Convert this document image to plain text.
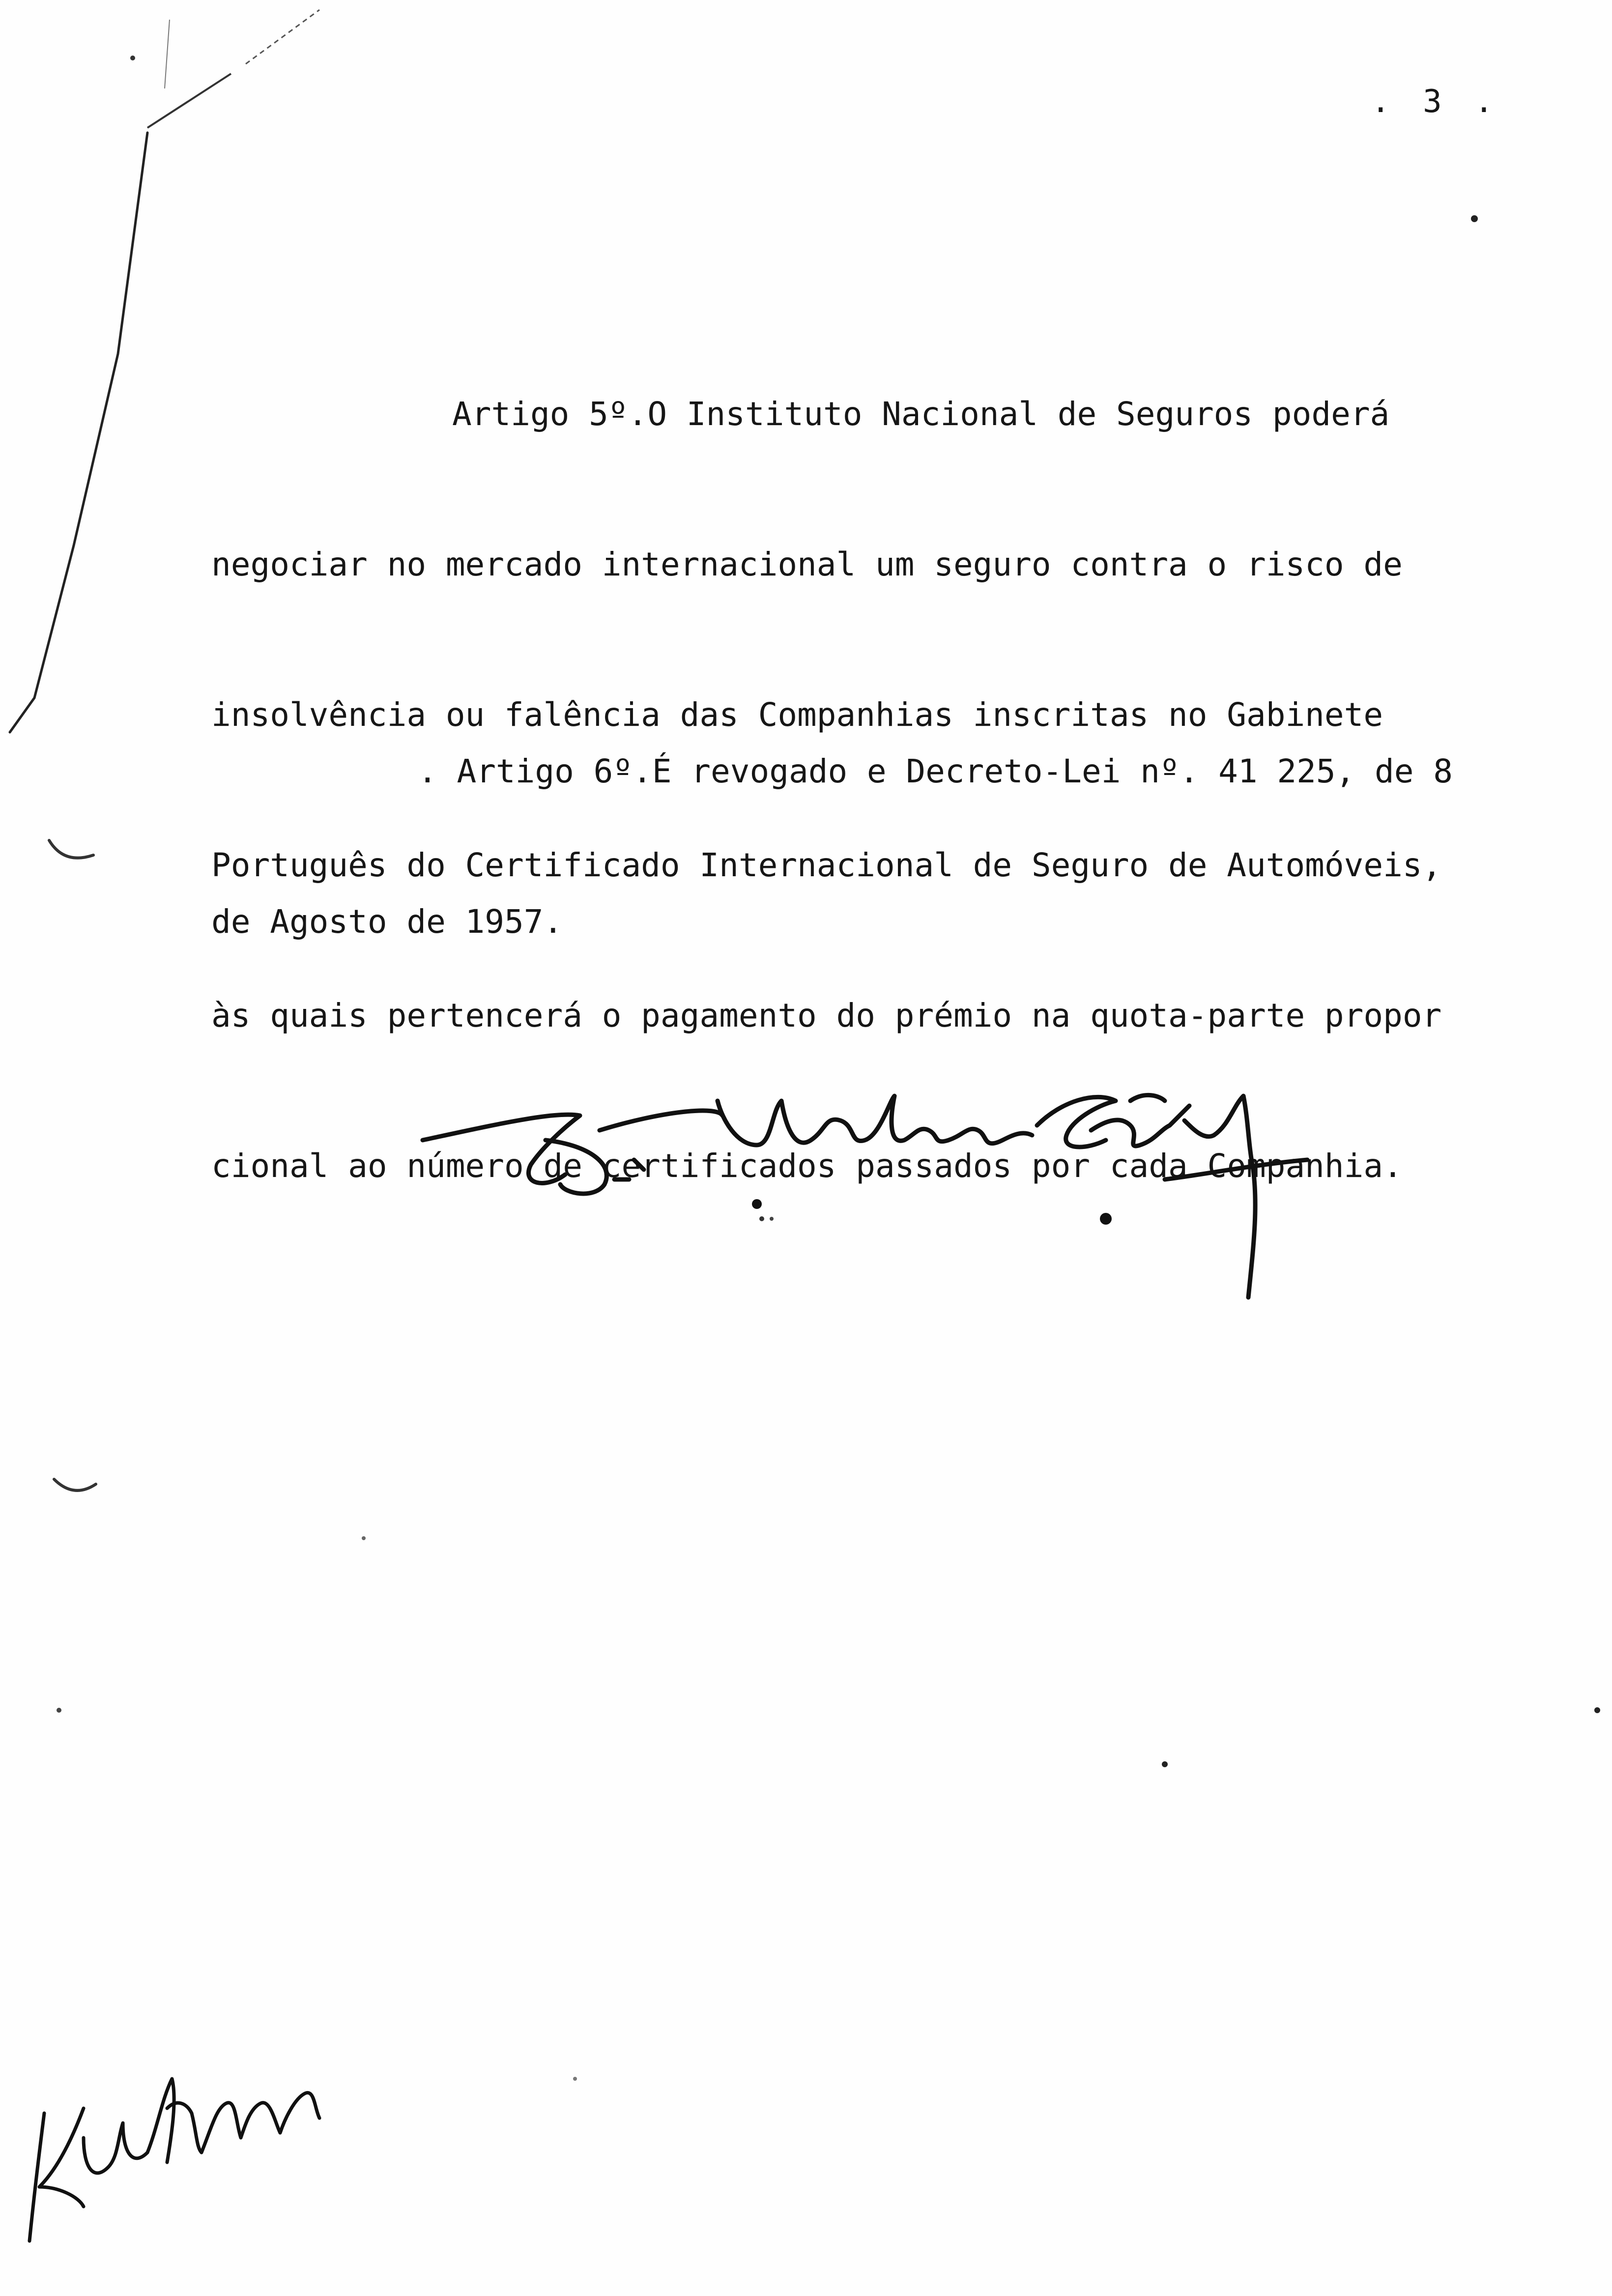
. 3 .

Artigo 5º.O Instituto Nacional de Seguros poderá

negociar no mercado internacional um seguro contra o risco de

insolvência ou falência das Companhias inscritas no Gabinete

Português do Certificado Internacional de Seguro de Automóveis,

às quais pertencerá o pagamento do prémio na quota-parte propor

cional ao número de certificados passados por cada Companhia.

. Artigo 6º.É revogado e Decreto-Lei nº. 41 225, de 8

de Agosto de 1957.
